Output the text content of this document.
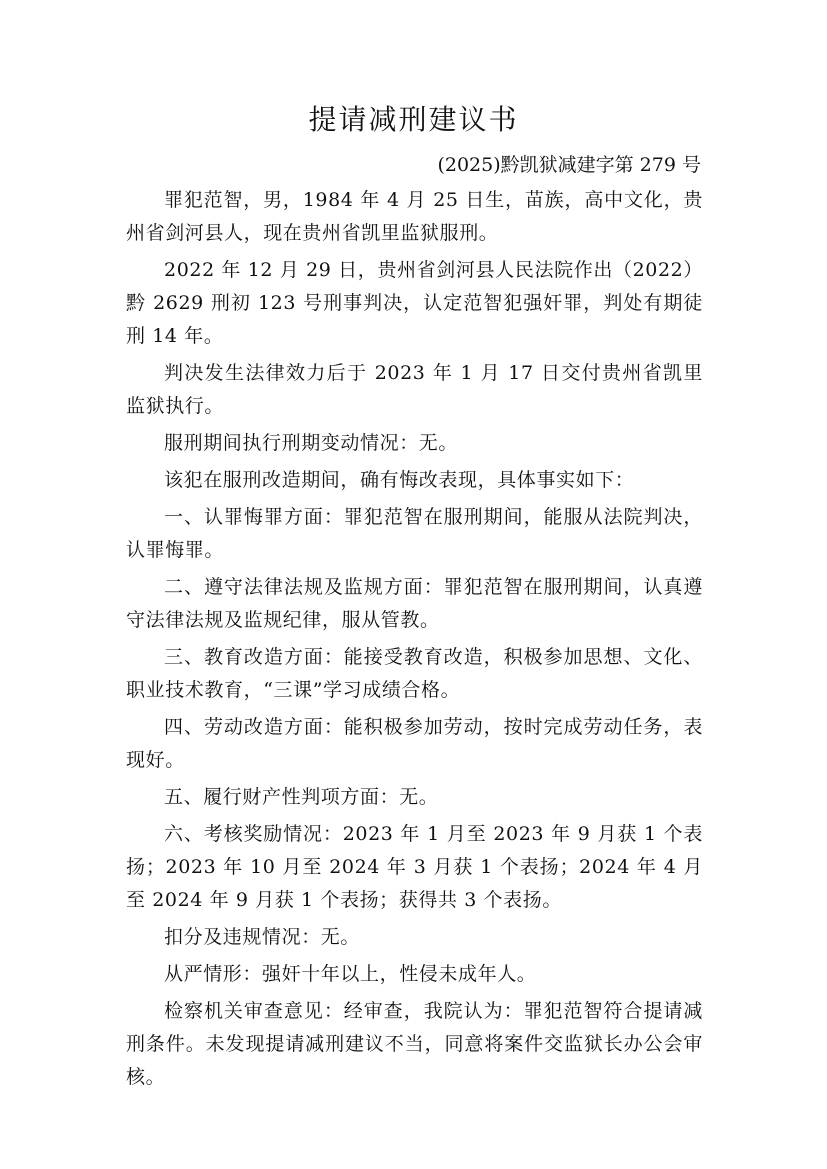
提请减刑建议书
(2025)黔凯狱减建字第 279 号

罪犯范智，男，1984 年 4 月 25 日生，苗族，高中文化，贵州省剑河县人，现在贵州省凯里监狱服刑。

2022 年 12 月 29 日，贵州省剑河县人民法院作出（2022）黔 2629 刑初 123 号刑事判决，认定范智犯强奸罪，判处有期徒刑 14 年。

判决发生法律效力后于 2023 年 1 月 17 日交付贵州省凯里监狱执行。

服刑期间执行刑期变动情况：无。

该犯在服刑改造期间，确有悔改表现，具体事实如下：

一、认罪悔罪方面：罪犯范智在服刑期间，能服从法院判决，认罪悔罪。

二、遵守法律法规及监规方面：罪犯范智在服刑期间，认真遵守法律法规及监规纪律，服从管教。

三、教育改造方面：能接受教育改造，积极参加思想、文化、职业技术教育，“三课”学习成绩合格。

四、劳动改造方面：能积极参加劳动，按时完成劳动任务，表现好。

五、履行财产性判项方面：无。

六、考核奖励情况：2023 年 1 月至 2023 年 9 月获 1 个表扬；2023 年 10 月至 2024 年 3 月获 1 个表扬；2024 年 4 月至 2024 年 9 月获 1 个表扬；获得共 3 个表扬。

扣分及违规情况：无。

从严情形：强奸十年以上，性侵未成年人。

检察机关审查意见：经审查，我院认为：罪犯范智符合提请减刑条件。未发现提请减刑建议不当，同意将案件交监狱长办公会审核。
